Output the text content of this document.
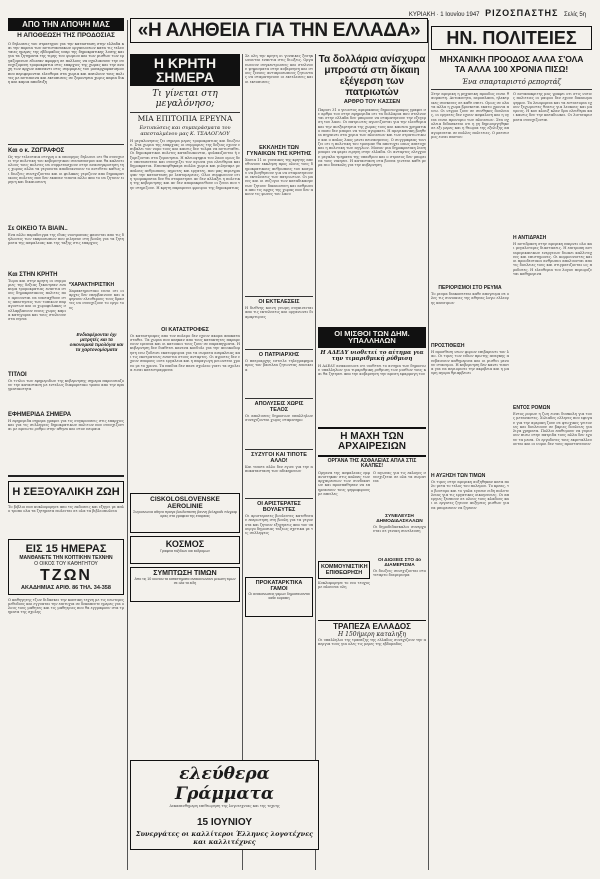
ΚΥΡΙΑΚΗ · 1 Ιουνίου 1947 ΡΙΖΟΣΠΑΣΤΗΣ Σελίς 5η
ΑΠΟ ΤΗΝ ΑΠΟΨΗ ΜΑΣ
Η ΑΠΟΘΕΩΣΗ ΤΗΣ ΠΡΟΔΟΣΙΑΣ
Ο δηλωσεις του στρατηγου για την κατασταση στην ελλαδα και την πορεια των αντιστασιακων οργανωσεων κατα τις τελευταιες ημερες της εβδομαδος υπερ της δημοκρατικης λυσης και για τα ζητηματα της τιμης του ψωμιου και των μισθων των εργαζομενων εδωσαν αφορμη σε πολλους να σχολιασουν την συνεχιζομενη τρομοκρατια στις επαρχιες της χωρας και την ανοχη των αρχων απεναντι στις συμμοριες του μοναρχοφασισμου που περιφερονται ελευθερα στα χωρια και απειλουν τους πολιτες με αντιποινα και εκτοπισεις σε ξερονησια χωρις καμια δικη και καμια αποδειξη
Και ο κ. ΖΩΓΡΑΦΟΣ
Ως την τελευταια στιγμη ο κ υπουργος δηλωνει οτι θα συνεχισει την πολιτικη του κυβερνητικου συνασπισμου και θα καλεσει ολους τους πολιτες να συμμετασχουν στην ανασυγκροτηση της χωρας αλλα τα γεγονοτα αποδεικνυουν το αντιθετο καθως οι διωξεις συνεχιζονται και οι φυλακες γεμιζουν απο δημοκρατικους πολιτες που δεν εκαναν τιποτα αλλο απο το να ζητουν ειρηνη και δικαιοσυνη
Σε ΟΙΚΕΙΟ ΤΑ ΒΙΑΙΝ..
Ενα αλλο παραδειγμα της ιδιας νοοτροπιας φαινεται απο τις δηλωσεις των εκπροσωπων που μιλησαν στη βουλη για τα ζητηματα της ασφαλειας και της ταξης στις επαρχιες
Και ΣΤΗΝ ΚΡΗΤΗ
Τωρα και στην κρητη οι συμμοριες της δεξιας ξεκινησαν ενα κυμα τρομοκρατιας εναντια στους δημοκρατικους πολιτες που αρνουνται να υποταχθουν στις απαιτησεις των τοπικων παραγοντων και οι χωροφυλακες συλλαμβανουν νεους χωρις καμια κατηγορια και τους στελνουν στα νησια
*ΧΑΡΑΚΤΗΡΙΣΤΙΚΗ
Χαρακτηριστικο ειναι οτι οι αρχες δεν επεμβαινουν και αφηνουν ελευθερους τους δραστες να συνεχιζουν το εργο τους
Ενδιαφέρονται όχι μετρητές και τα οικονομικά τιμολόγια και τα χαρτονομίσματα
ΤΙΤΛΟΙ
Οι τιτλοι των εφημεριδων της κυβερνησης σημερα παρουσιαζουν την κατασταση με εντελως διαφορετικο τροπο απο την πραγματικοτητα
ΕΦΗΜΕΡΙΔΑ ΣΗΜΕΡΑ
Η εφημεριδα σημερα γραφει για τις συγκρουσεις στις επαρχιες και για τις συλληψεις δημοκρατικων πολιτων που συνεχιζονται με αμειωτο ρυθμο στην αθηνα και στον πειραια
Η ΣΕΞΟΥΑΛΙΚΗ ΖΩΗ
Το βιβλιο που κυκλοφορησε απο τις εκδοσεις και εξηγει με απλο τροπο ολα τα ζητηματα πωλειται σε ολα τα βιβλιοπωλεια
ΕΙΣ 15 ΗΜΕΡΑΣ
ΜΑΝΘΑΝΕΤΕ ΤΗΝ ΚΟΠΤΙΚΗΝ ΤΕΧΝΗΝ
Ο ΟΙΚΟΣ ΤΟΥ ΚΑΘΗΓΗΤΟΥ
ΤΖΩΝ
ΑΚΑΔΗΜΙΑΣ ΑΡΙΘ. 86 ΤΗΛ. 34-358
Ο καθηγητης τζων διδασκει την κοπτικη τεχνη με τις νεωτερες μεθοδους και εγγυαται την επιτυχια σε δεκαπεντε ημερες για ολους τους μαθητες και τις μαθητριες που θα εγγραφουν στα τμηματα της σχολης
«Η ΑΛΗΘΕΙΑ ΓΙΑ ΤΗΝ ΕΛΛΑΔΑ»
Η ΚΡΗΤΗ ΣΗΜΕΡΑ
Τι γίνεται στη μεγαλόνησο;
ΜΙΑ ΕΠΙΤΟΠΙΑ ΕΡΕΥΝΑ
Εντυπώσεις και συμπεράσματα του απεσταλμένου μας Κ. ΤΣΑΛΟΓΛΟΥ
Η μεγαλονησος ζει σημερα μερες τρομοκρατιας και διωξεων. Στα χωρια της επαρχιας οι συμμοριες της δεξιας εχουν επιβαλει τον νομο τους και κανεις δεν τολμα να αντισταθει. Οι δημοκρατικοι πολιτες καταδιωκονται, φυλακιζονται ή εξοριζονται στα ξερονησια. Η πλειοψηφια του λαου ομως δεν υποτασσεται και συνεχιζει τον αγωνα για ελευθερια και δημοκρατια. Επισκεφθηκαμε πολλα χωρια και μιλησαμε με απλους ανθρωπους, αγροτες και εργατες, που μας περιεγραψαν την κατασταση με λεπτομερειες. Ολοι συμφωνουν οτι η τρομοκρατια δεν θα σταματησει αν δεν αλλαξει η πολιτικη της κυβερνησης και αν δεν απομακρυνθουν οι ξενοι που την στηριζουν. Η κρητη παραμενει φρουριο της δημοκρατιας
ΟΙ ΚΑΤΑΣΤΡΟΦΕΣ
Οι καταστροφες απο τον πολεμο δεν εχουν ακομα αποκατασταθει. Τα χωρια που καηκαν απο τους κατακτητες παραμενουν ερειπια και οι κατοικοι τους ζουν σε παραπηγματα. Η κυβερνηση δεν διαθετει κανενα κονδυλι για την ανοικοδομηση ενω ξοδευει εκατομμυρια για τα σωματα ασφαλειας και τις εκστρατειες εναντια στους ανταρτες. Οι αγροτες δεν εχουν σπορους ουτε εργαλεια και η παραγωγη μειωνεται χρονο με το χρονο. Τα παιδια δεν πανε σχολειο γιατι τα σχολεια ειναι κατεστραμμενα
CISKOLOSLOVENSKE AEROLINIE
Συγκοινωνια αθηνα πραγα βουδαπεστη βιεννη βελιγραδι πληροφοριες στα γραφεια της εταιρειας
ΚΟΣΜΟΣ
Γραφεια ταξιδιων και εκδρομων
ΣΥΜΠΤΩΣΗ ΤΙΜΩΝ
Απο τις 10 ιουνιου τα καταστηματα ανακοινωνουν μειωση τιμων σε ολα τα ειδη
Σε ολη την κρητη οι γυναικες ξεσηκωνονται εναντια στις διωξεις. Οργανωνουν συγκεντρωσεις και στελνουν ψηφισματα στην κυβερνηση και στους ξενους αντιπροσωπους ζητωντας να σταματησουν οι εκτελεσεις και οι εκτοπισεις
ΕΚΚΛΗΣΗ ΤΩΝ ΓΥΝΑΙΚΩΝ ΤΗΣ ΚΡΗΤΗΣ
Χανια 11 οι γυναικες της κρητης απευθυνουν εκκληση προς ολους τους δημοκρατικους ανθρωπους του κοσμου να βοηθησουν για να σταματησουν οι εκτελεσεις των πατριωτων. Οι μανες και οι συζυγοι των καταδικασμενων ζητουν δικαιοσυνη και ανθρωπια απο τις αρχες της χωρας που δεν ακουν τις φωνες του λαου
ΟΙ ΕΚΤΕΛΕΣΕΙΣ
Η διεθνης κοινη γνωμη συγκινειται απο τις εκτελεσεις και οργανωνει διαμαρτυριες
Ο ΠΑΤΡΙΑΡΧΗΣ
Ο πατριαρχης εστειλε τηλεγραφημα προς τον βασιλεα ζητωντας επιεικεια
ΑΠΟΛΥΣΕΙΣ ΧΩΡΙΣ ΤΕΛΟΣ
Οι απολυσεις δημοσιων υπαλληλων συνεχιζονται χωρις σταματημο
ΣΥΖΥΓΟΙ ΚΑΙ ΤΙΠΟΤΕ ΑΛΛΟ!
Και τιποτε αλλο δεν εγινε για την αποκατασταση των αδικημενων
ΟΙ ΑΡΙΣΤΕΡΑΤΕΣ ΒΟΥΛΕΥΤΕΣ
Οι αριστερατες βουλευτες κατεθεσαν επερωτηση στη βουλη για τα γεγονοτα και ζητουν εξηγησεις απο τον υπουργο δημοσιας ταξεως σχετικα με τις συλληψεις
ΠΡΟΚΑΤΑΡΚΤΙΚΑ ΓΑΜΟΙ
Οι ανακοινωσεις γαμων δημοσιευονται καθε κυριακη
Τα δολλάρια ανίσχυρα μπροστά στη δίκαιη εξέγερση των πατριωτών
ΑΡΘΡΟ ΤΟΥ ΚΑΣΣΕΝ
Παρισι 31 ο γνωστος αμερικανος δημοσιογραφος γραφει σε αρθρο του στην εφημεριδα οτι τα δολλαρια που στελνονται στην ελλαδα δεν μπορουν να σταματησουν την εξεγερση του λαου. Οι πατριωτες αγωνιζονται για την ελευθερια και την ανεξαρτησια της χωρας τους και κανενα χρηματικο ποσο δεν μπορει να τους αγορασει. Η αμερικανικη βοηθεια πηγαινει στα χερια των πλουσιων και των στρατιωτικων και ο απλος λαος μενει πεινασμενος. Ο συγγραφεας τονιζει οτι η πολιτικη του τρουμαν θα αποτυχει οπως απετυχε και η πολιτικη των αγγλων. Μονον μια δημοκρατικη λυση μπορει να φερει ειρηνη στην ελλαδα. Οι ανταρτες ελεγχουν μεγαλα τμηματα της υπαιθρου και ο στρατος δεν μπορει να τους νικησει. Η κατασταση στα βουνα γινεται καθε μερα πιο δυσκολη για την κυβερνηση
ΟΙ ΜΙΣΘΟΙ ΤΩΝ ΔΗΜ. ΥΠΑΛΛΗΛΩΝ
Η ΑΔΕΔΥ υιοθετεί το αίτημα για την τιμαριθμική ρύθμιση
Η ΑΔΕΔΥ ανακοινωσε οτι υιοθετει το αιτημα των δημοσιων υπαλληλων για τιμαριθμικη ρυθμιση των μισθων τους και θα ζητησει απο την κυβερνηση την αμεση εφαρμογη του
Η ΜΑΧΗ ΤΩΝ ΑΡΧΑΙΡΕΣΙΩΝ
ΟΡΓΑΝΑ ΤΗΣ ΑΣΦΑΛΕΙΑΣ ΑΠΛΑ ΣΤΙΣ ΚΑΛΠΕΣ!
Οργανα της ασφαλειας εμφανιστηκαν στις καλπες των αρχαιρεσιων των συνδικατων και προσπαθησαν να επηρεασουν τους ψηφοφορους με απειλες
ΚΟΜΜΟΥΝΙΣΤΙΚΗ ΕΠΙΘΕΩΡΗΣΗ
Κυκλοφορησε το νεο τευχος με πλουσια υλη
Ο αγωνας για τις εκλογες συνεχιζεται σε ολα τα σωματεια
ΣΥΝΕΛΕΥΣΗ ΔΗΜΟΔΙΔΑΣΚΑΛΩΝ
Οι δημοδιδασκαλοι συνερχονται σε γενικη συνελευση
ΟΙ ΔΙΩΞΕΙΣ ΣΤΟ 4ο ΔΙΑΜΕΡΙΣΜΑ
Οι διωξεις συνεχιζονται στο τεταρτο διαμερισμα
ΤΡΑΠΕΖΑ ΕΛΛΑΔΟΣ
Η 150ήμερη καταληξη
Οι υπαλληλοι της τραπεζης της ελλαδος συνεχιζουν την απεργια τους για ολες τις μερες της εβδομαδος
ελεύθερα Γράμματα
Δεκαπενθημερη επιθεωρηση της λογοτεχνιας και της τεχνης
15 ΙΟΥΝΙΟΥ
Συνεργάτες οι καλλίτεροι Έλληνες λογοτέχνες και καλλιτέχνες
ΗΝ. ΠΟΛΙΤΕΙΕΣ
ΜΗΧΑΝΙΚΗ ΠΡΟΟΔΟΣ ΑΛΛΑ Σ'ΟΛΑ ΤΑ ΑΛΛΑ 100 ΧΡΟΝΙΑ ΠΙΣΩ!
Ένα σπαρταριστό ρεπορτάζ
Στην αμερικη η μηχανικη προοδος ειναι θαυμαστη. Αυτοκινητα, αεροπλανα, ηλεκτρικες συσκευες σε καθε σπιτι. Ομως σε ολα τα αλλα η χωρα βρισκεται εκατο χρονια πισω. Οι νεγροι ζουν σε συνθηκες δουλειας, οι εργατες δεν εχουν ασφαλιση και η υγεια ειναι προνομιο των πλουσιων. Στα σχολεια διδασκεται οτι η γη δημιουργηθηκε σε εξι μερες και η θεωρια της εξελιξης απαγορευεται σε πολλες πολιτειες. Ο ρατσισμος ειναι παντου
ΠΕΡΙΟΡΙΣΜΟΙ ΣΤΟ ΡΕΥΜΑ
Το ρευμα διακοπτεται καθε απογευμα σε ολες τις συνοικιες της αθηνας λογω ελλειψης καυσιμων
ΠΡΟΣΤΙΘΕΙΣΗ
Η προσθεση νεων φορων επιβαρυνει τον λαο. Οι τιμες των ειδων πρωτης αναγκης ανεβαινουν καθημερινα και οι μισθοι μενουν στασιμοι. Η κυβερνηση δεν κανει τιποτα για να περιορισει την ακριβεια και η μαυρη αγορα θριαμβευει
Η ΑΥΞΗΣΗ ΤΩΝ ΤΙΜΩΝ
Οι τιμες στην αμερικη αυξηθηκαν κατα πολυ μετα το τελος του πολεμου. Το κρεας, το βουτυρο και το γαλα εγιναν ειδη πολυτελειας για τις εργατικες οικογενειες. Οι απεργιες ξεσπουν σε ολους τους κλαδους και οι εργατες ζητουν αυξησεις μισθων για να μπορεσουν να ζησουν
Ο ανταποκριτης μας γραφει οτι στις νοτιες πολιτειες οι μαυροι δεν εχουν δικαιωμα ψηφου. Τα λεωφορεια και τα εστιατορια εχουν ξεχωριστες θεσεις για λευκους και μαυρους. Η κου κλουξ κλαν δρα ελευθερα και κανεις δεν την καταδιωκει. Οι λιντσαρισματα συνεχιζονται
Η ΑΝΤΙΔΡΑΣΗ
Η αντιδραση στην αμερικη παιρνει ολο και μεγαλυτερες διαστασεις. Η επιτροπη αντιαμερικανικων ενεργειων διωκει καλλιτεχνες και επιστημονες. Οι κομμουνιστες και οι προοδευτικοι ανθρωποι απολυονται απο τις δουλειες τους και στιγματιζονται ως προδοτες. Η ελευθερια του λογου περιοριζεται καθημερινα
ΕΝΤΟΣ ΡΟΜΩΝ
Εντος ρομων η ζωη ειναι δυσκολη για τους μεταναστες. Χιλιαδες ελληνες που εφυγαν για την αμερικη ζουν σε φτωχικες γειτονιες και δουλευουν σε βαριες δουλειες για λιγα χρηματα. Πολλοι επιθυμουν να γυρισουν πισω στην πατριδα τους αλλα δεν εχουν τα μεσα. Οι εργοδοτες τους εκμεταλλευονται και οι νομοι δεν τους προστατευουν
